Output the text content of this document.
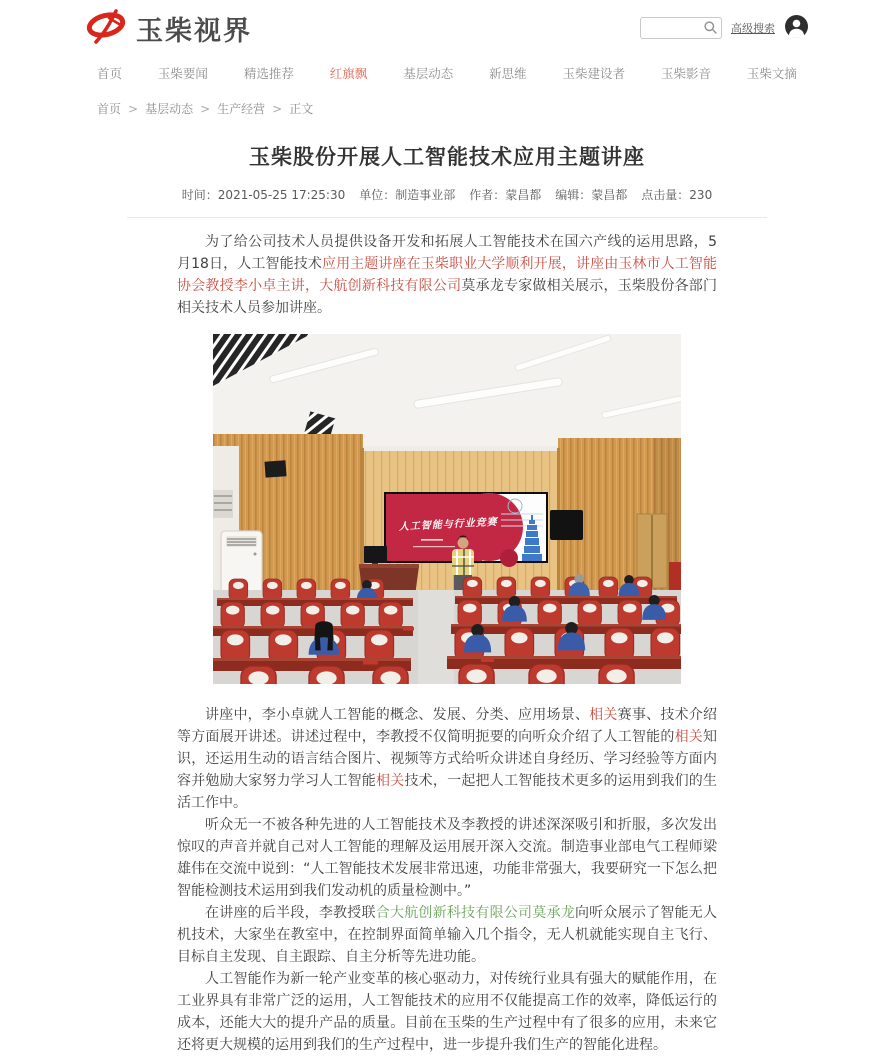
玉柴视界	高级搜索
首页	玉柴要闻	精选推荐	红旗飘	基层动态	新思维	玉柴建设者	玉柴影音	玉柴文摘
首页 > 基层动态 > 生产经营 > 正文
玉柴股份开展人工智能技术应用主题讲座
时间：2021-05-25 17:25:30 单位：制造事业部 作者：蒙昌都 编辑：蒙昌都 点击量：230

为了给公司技术人员提供设备开发和拓展人工智能技术在国六产线的运用思路，5月18日，人工智能技术应用主题讲座在玉柴职业大学顺利开展，讲座由玉林市人工智能协会教授李小卓主讲，大航创新科技有限公司莫承龙专家做相关展示，玉柴股份各部门相关技术人员参加讲座。

人工智能与行业竞赛

讲座中，李小卓就人工智能的概念、发展、分类、应用场景、相关赛事、技术介绍等方面展开讲述。讲述过程中，李教授不仅简明扼要的向听众介绍了人工智能的相关知识，还运用生动的语言结合图片、视频等方式给听众讲述自身经历、学习经验等方面内容并勉励大家努力学习人工智能相关技术，一起把人工智能技术更多的运用到我们的生活工作中。

听众无一不被各种先进的人工智能技术及李教授的讲述深深吸引和折服，多次发出惊叹的声音并就自己对人工智能的理解及运用展开深入交流。制造事业部电气工程师梁雄伟在交流中说到：“人工智能技术发展非常迅速，功能非常强大，我要研究一下怎么把智能检测技术运用到我们发动机的质量检测中。”

在讲座的后半段，李教授联合大航创新科技有限公司莫承龙向听众展示了智能无人机技术，大家坐在教室中，在控制界面简单输入几个指令，无人机就能实现自主飞行、目标自主发现、自主跟踪、自主分析等先进功能。

人工智能作为新一轮产业变革的核心驱动力，对传统行业具有强大的赋能作用，在工业界具有非常广泛的运用，人工智能技术的应用不仅能提高工作的效率，降低运行的成本，还能大大的提升产品的质量。目前在玉柴的生产过程中有了很多的应用，未来它还将更大规模的运用到我们的生产过程中，进一步提升我们生产的智能化进程。
